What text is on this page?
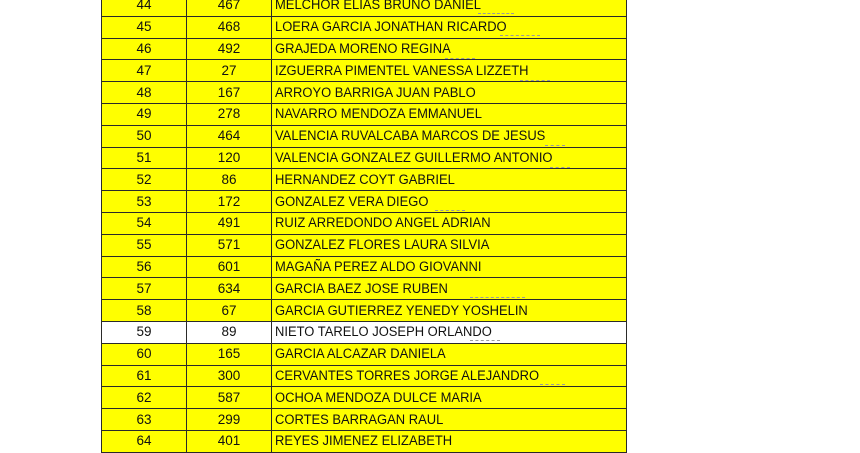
44	467	MELCHOR ELIAS BRUNO DANIEL
45	468	LOERA GARCIA JONATHAN RICARDO
46	492	GRAJEDA MORENO REGINA
47	27	IZGUERRA PIMENTEL VANESSA LIZZETH
48	167	ARROYO BARRIGA JUAN PABLO
49	278	NAVARRO MENDOZA EMMANUEL
50	464	VALENCIA RUVALCABA MARCOS DE JESUS
51	120	VALENCIA GONZALEZ GUILLERMO ANTONIO
52	86	HERNANDEZ COYT GABRIEL
53	172	GONZALEZ VERA DIEGO
54	491	RUIZ ARREDONDO ANGEL ADRIAN
55	571	GONZALEZ FLORES LAURA SILVIA
56	601	MAGAÑA PEREZ ALDO GIOVANNI
57	634	GARCIA BAEZ JOSE RUBEN
58	67	GARCIA GUTIERREZ YENEDY YOSHELIN
59	89	NIETO TARELO JOSEPH ORLANDO
60	165	GARCIA ALCAZAR DANIELA
61	300	CERVANTES TORRES JORGE ALEJANDRO
62	587	OCHOA MENDOZA DULCE MARIA
63	299	CORTES BARRAGAN RAUL
64	401	REYES JIMENEZ ELIZABETH
